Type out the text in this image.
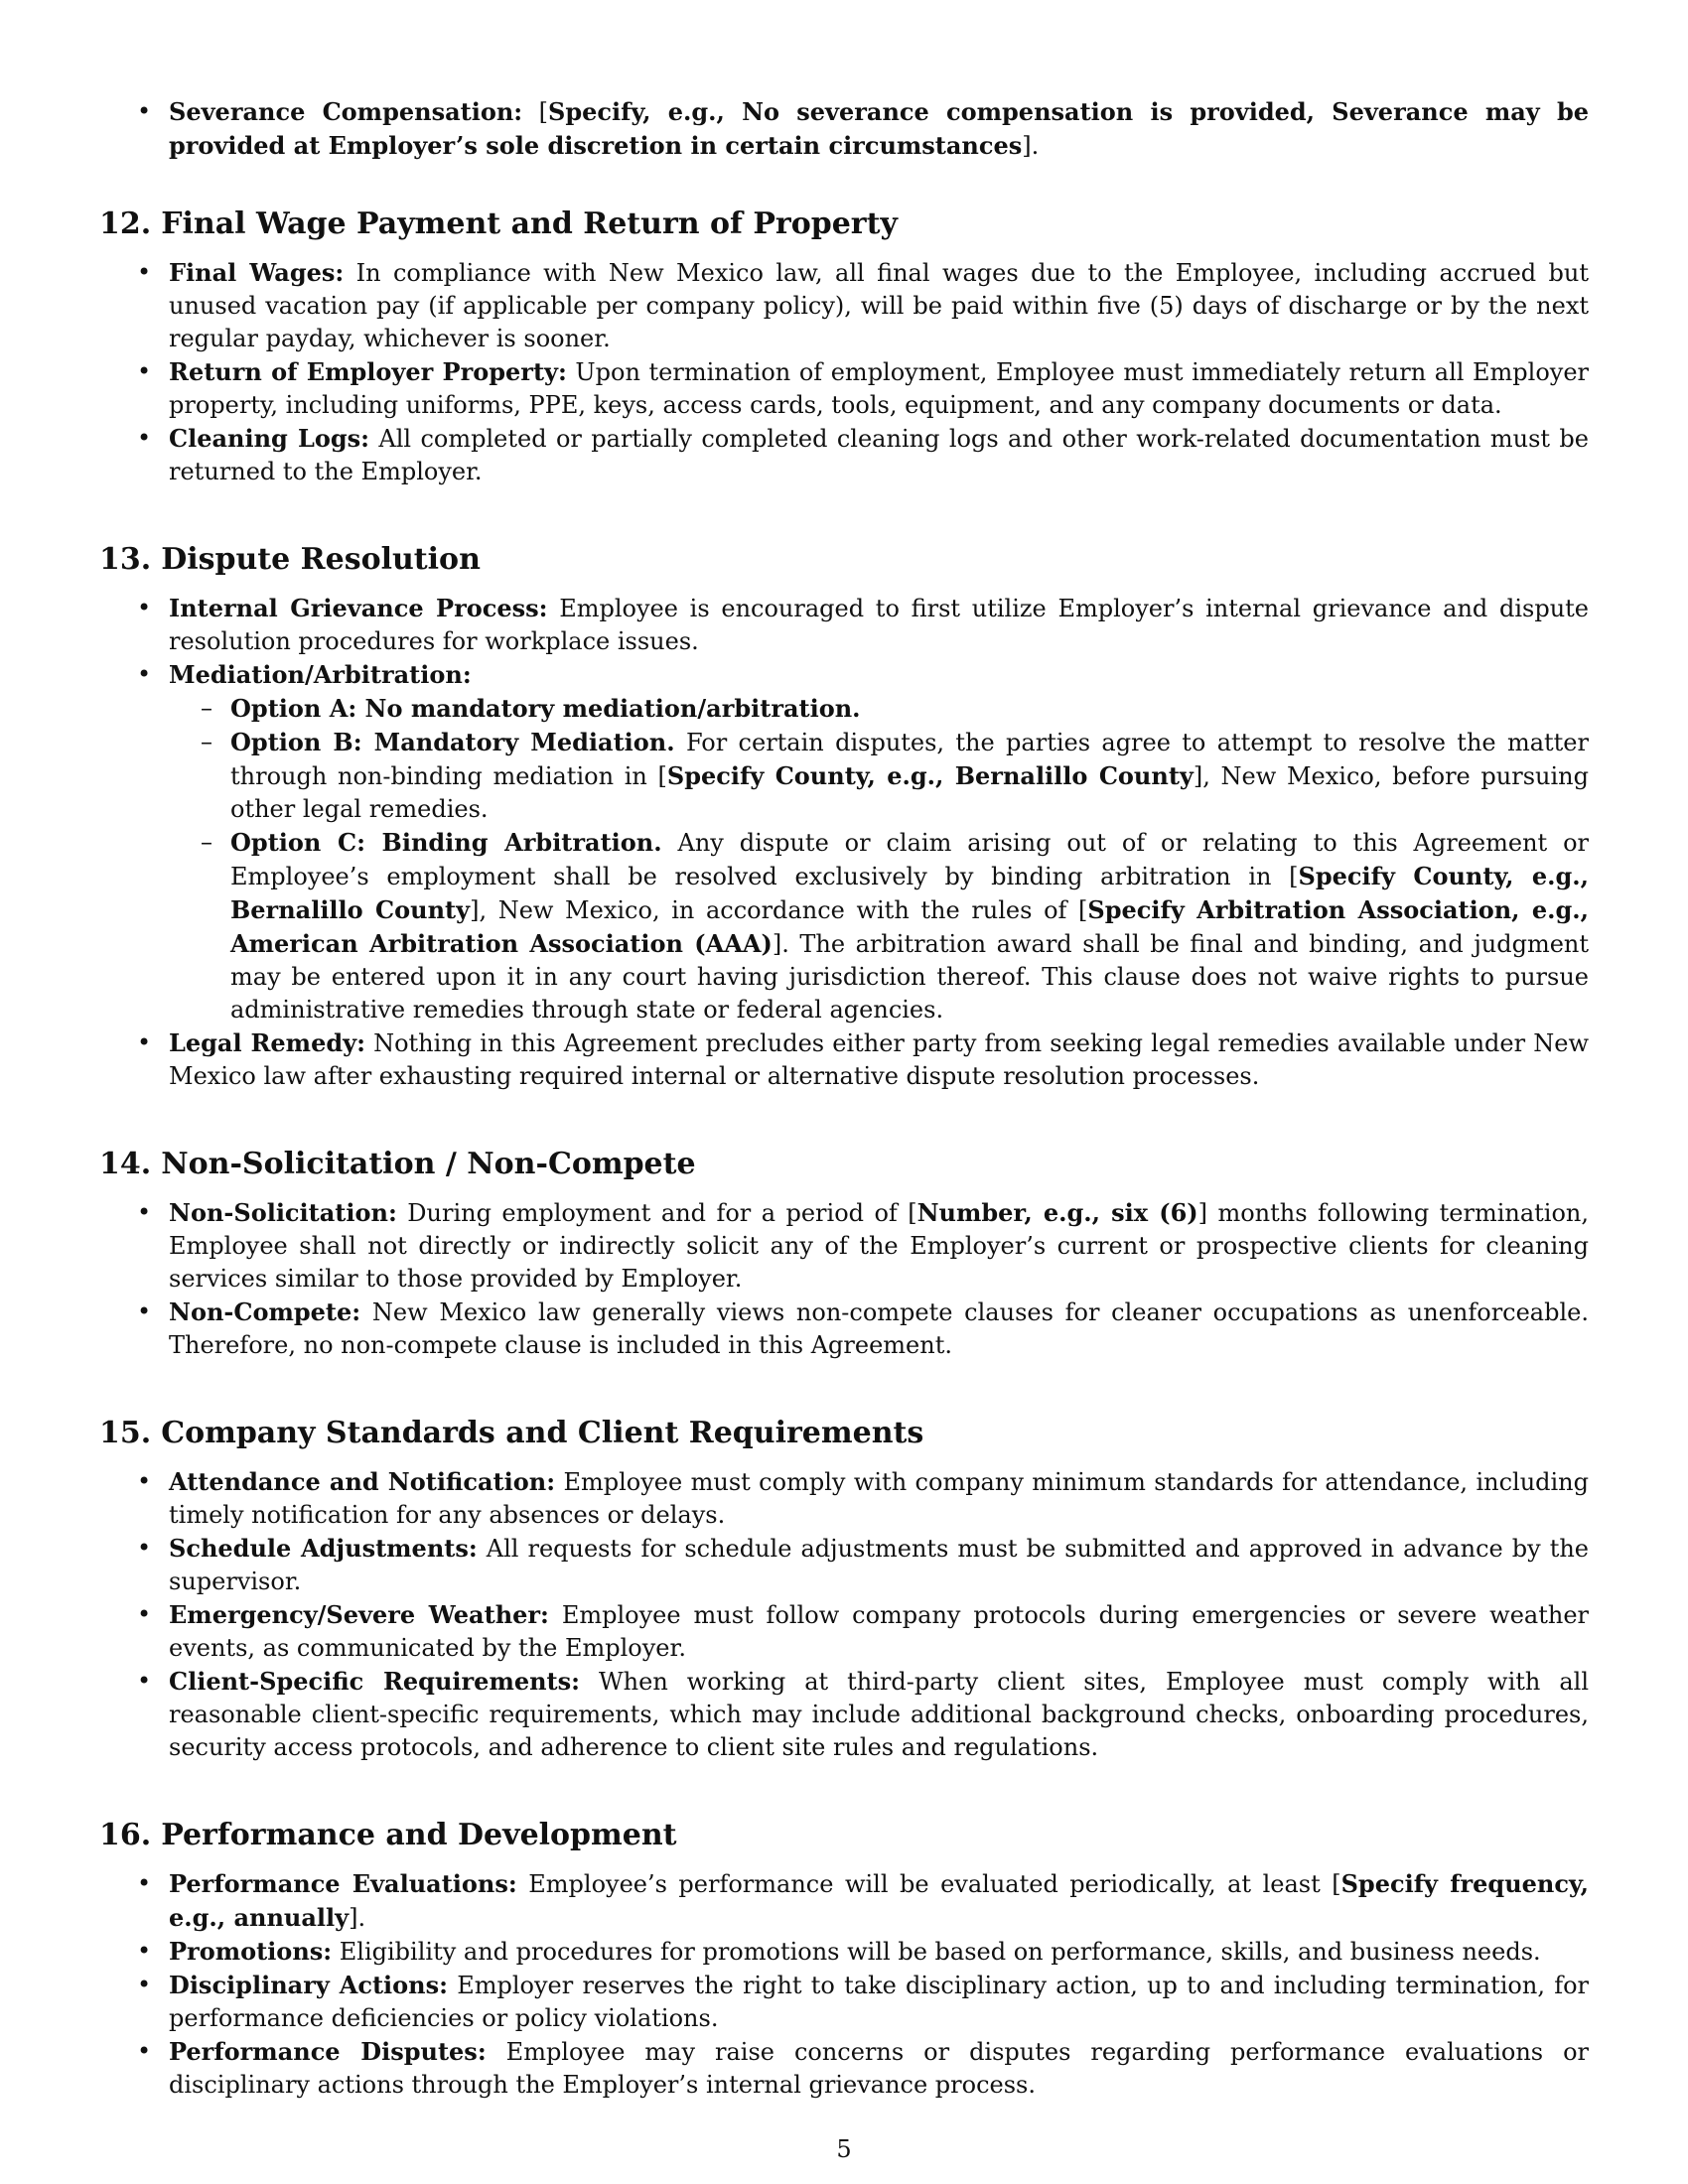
• Severance Compensation: [Specify, e.g., No severance compensation is provided, Severance may be provided at Employer’s sole discretion in certain circumstances].
12. Final Wage Payment and Return of Property
• Final Wages: In compliance with New Mexico law, all final wages due to the Employee, including accrued but unused vacation pay (if applicable per company policy), will be paid within five (5) days of discharge or by the next regular payday, whichever is sooner.
• Return of Employer Property: Upon termination of employment, Employee must immediately return all Employer property, including uniforms, PPE, keys, access cards, tools, equipment, and any company documents or data.
• Cleaning Logs: All completed or partially completed cleaning logs and other work-related documentation must be returned to the Employer.
13. Dispute Resolution
• Internal Grievance Process: Employee is encouraged to first utilize Employer’s internal grievance and dispute resolution procedures for workplace issues.
• Mediation/Arbitration:
– Option A: No mandatory mediation/arbitration.
– Option B: Mandatory Mediation. For certain disputes, the parties agree to attempt to resolve the matter through non-binding mediation in [Specify County, e.g., Bernalillo County], New Mexico, before pursuing other legal remedies.
– Option C: Binding Arbitration. Any dispute or claim arising out of or relating to this Agreement or Employee’s employment shall be resolved exclusively by binding arbitration in [Specify County, e.g., Bernalillo County], New Mexico, in accordance with the rules of [Specify Arbitration Association, e.g., American Arbitration Association (AAA)]. The arbitration award shall be final and binding, and judgment may be entered upon it in any court having jurisdiction thereof. This clause does not waive rights to pursue administrative remedies through state or federal agencies.
• Legal Remedy: Nothing in this Agreement precludes either party from seeking legal remedies available under New Mexico law after exhausting required internal or alternative dispute resolution processes.
14. Non-Solicitation / Non-Compete
• Non-Solicitation: During employment and for a period of [Number, e.g., six (6)] months following termination, Employee shall not directly or indirectly solicit any of the Employer’s current or prospective clients for cleaning services similar to those provided by Employer.
• Non-Compete: New Mexico law generally views non-compete clauses for cleaner occupations as unenforceable. Therefore, no non-compete clause is included in this Agreement.
15. Company Standards and Client Requirements
• Attendance and Notification: Employee must comply with company minimum standards for attendance, including timely notification for any absences or delays.
• Schedule Adjustments: All requests for schedule adjustments must be submitted and approved in advance by the supervisor.
• Emergency/Severe Weather: Employee must follow company protocols during emergencies or severe weather events, as communicated by the Employer.
• Client-Specific Requirements: When working at third-party client sites, Employee must comply with all reasonable client-specific requirements, which may include additional background checks, onboarding procedures, security access protocols, and adherence to client site rules and regulations.
16. Performance and Development
• Performance Evaluations: Employee’s performance will be evaluated periodically, at least [Specify frequency, e.g., annually].
• Promotions: Eligibility and procedures for promotions will be based on performance, skills, and business needs.
• Disciplinary Actions: Employer reserves the right to take disciplinary action, up to and including termination, for performance deficiencies or policy violations.
• Performance Disputes: Employee may raise concerns or disputes regarding performance evaluations or disciplinary actions through the Employer’s internal grievance process.
5
